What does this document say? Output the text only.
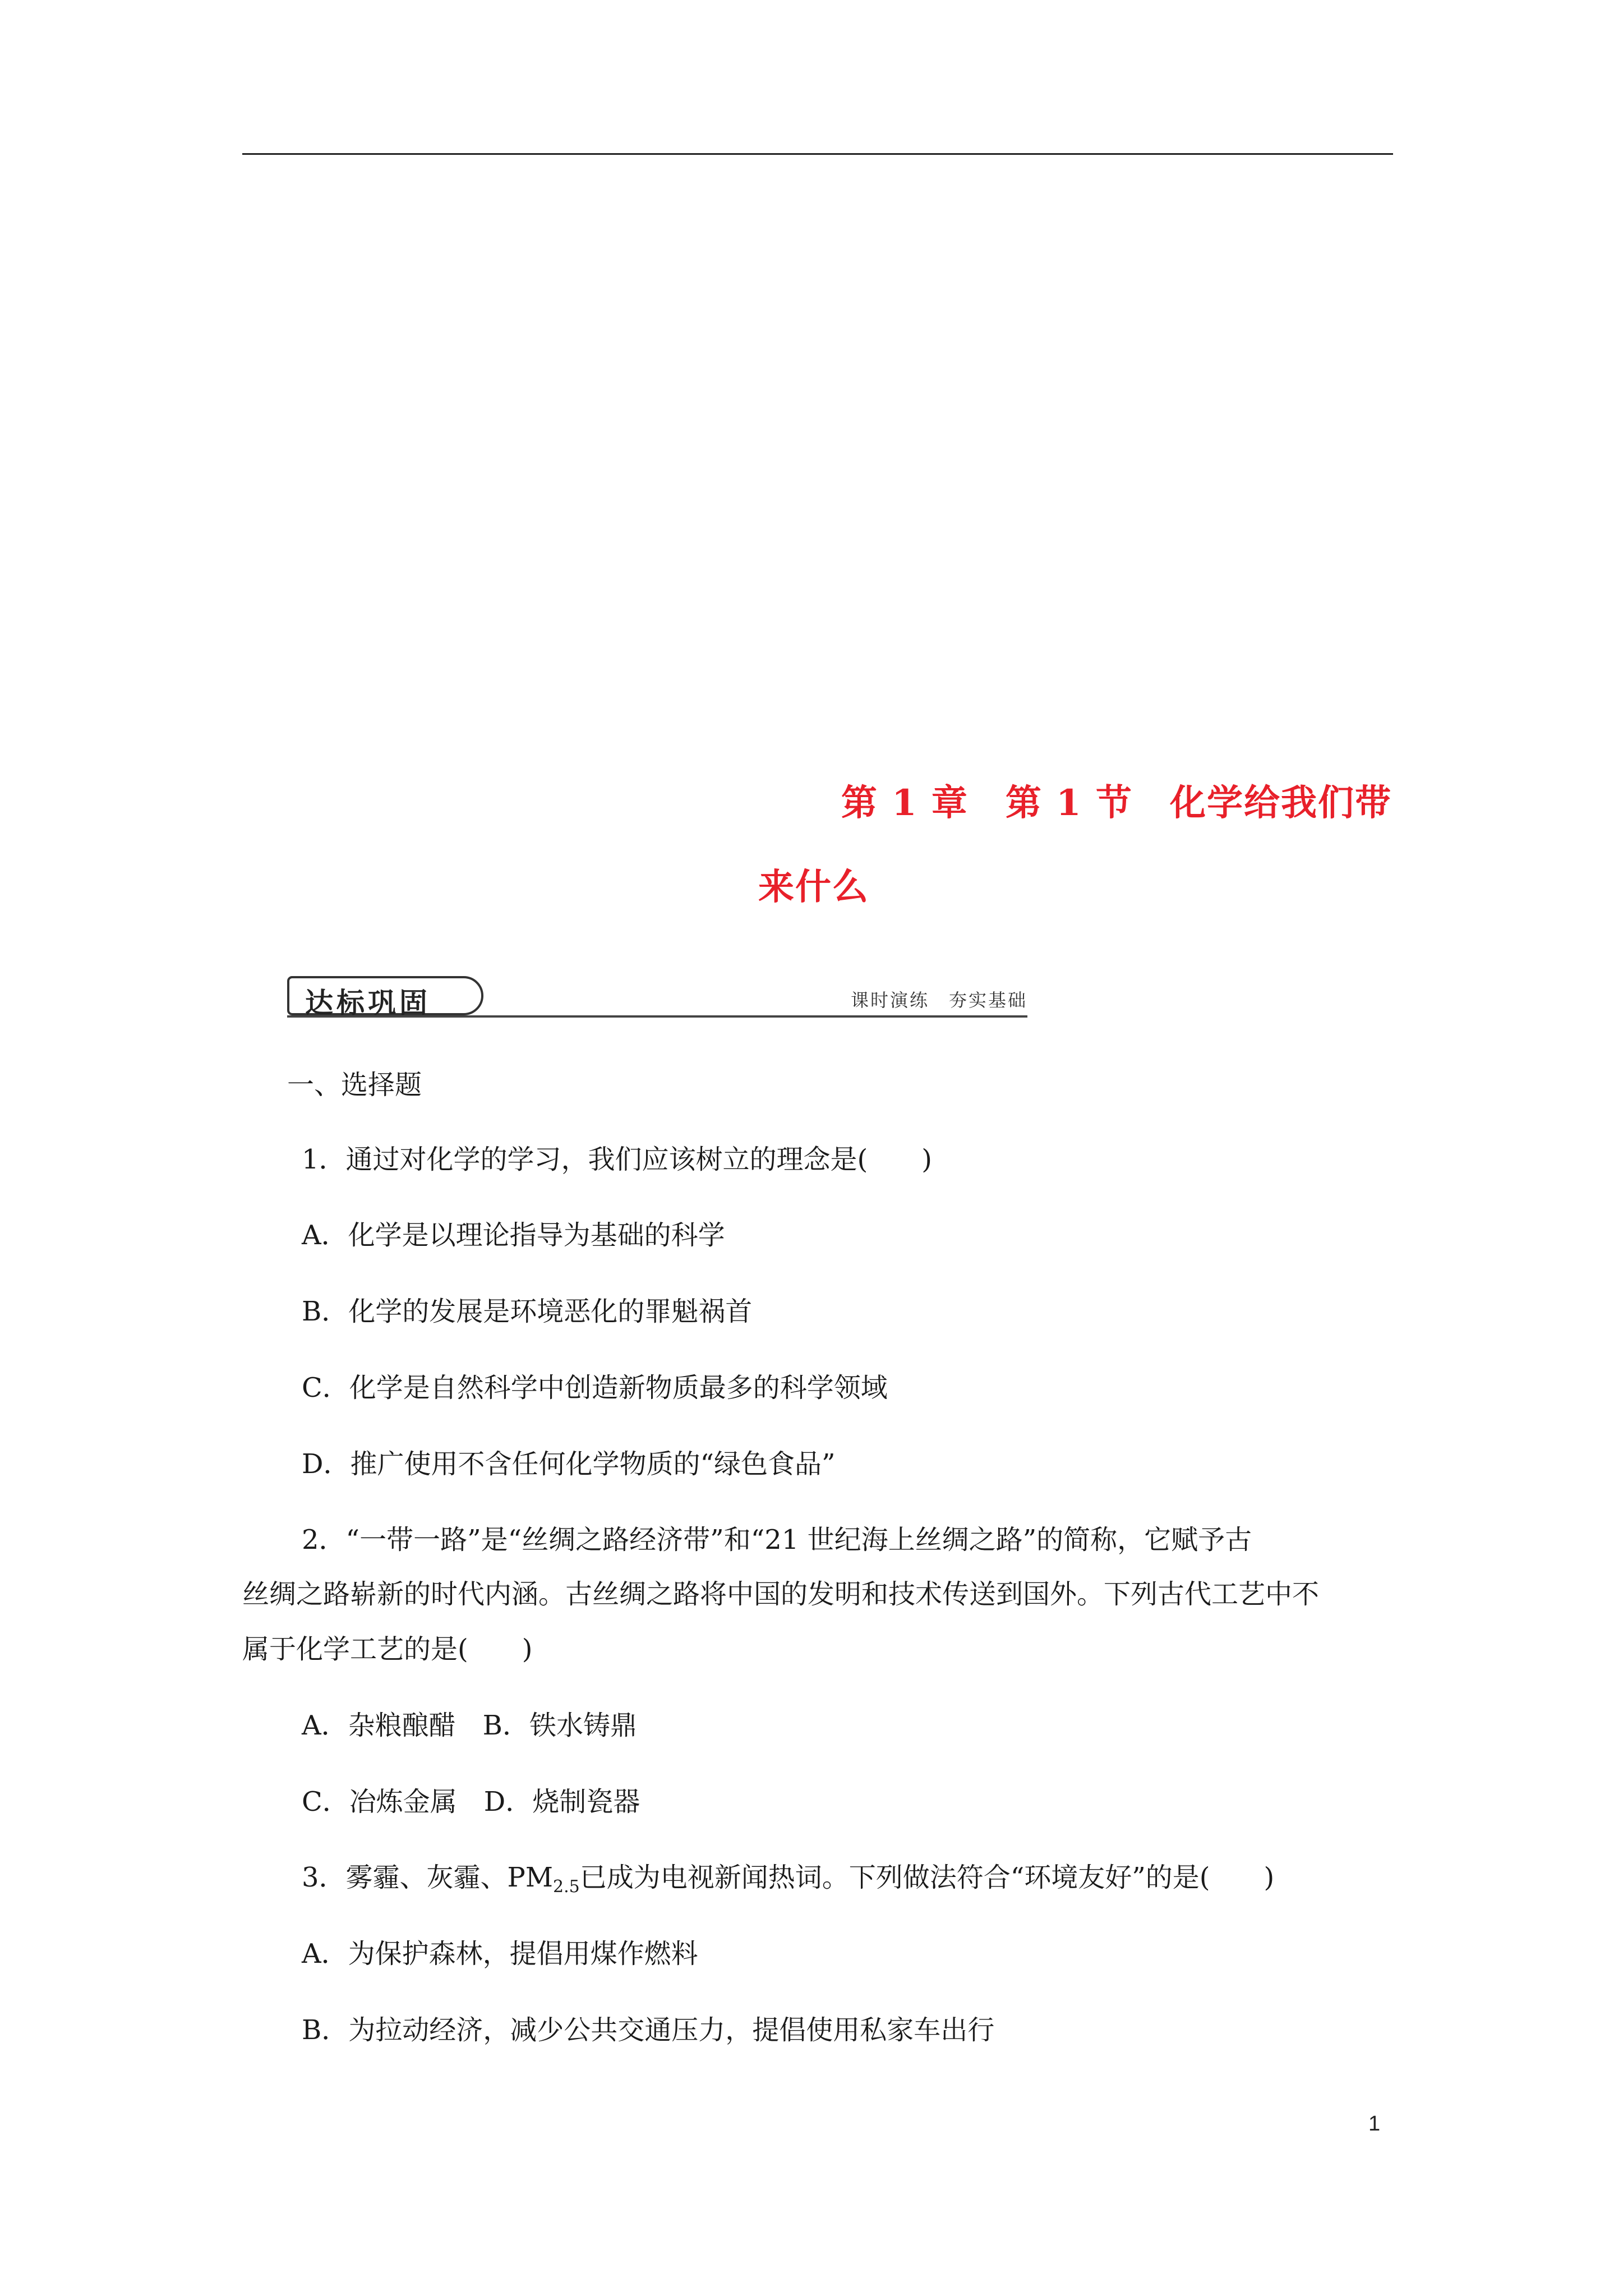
第 1 章　第 1 节　化学给我们带
来什么
达标巩固	课时演练　夯实基础
一、选择题
1．通过对化学的学习，我们应该树立的理念是(　　)
A．化学是以理论指导为基础的科学
B．化学的发展是环境恶化的罪魁祸首
C．化学是自然科学中创造新物质最多的科学领域
D．推广使用不含任何化学物质的“绿色食品”
2．“一带一路”是“丝绸之路经济带”和“21 世纪海上丝绸之路”的简称，它赋予古
丝绸之路崭新的时代内涵。古丝绸之路将中国的发明和技术传送到国外。下列古代工艺中不
属于化学工艺的是(　　)
A．杂粮酿醋　B．铁水铸鼎
C．冶炼金属　D．烧制瓷器
3．雾霾、灰霾、$PM_{2.5}$已成为电视新闻热词。下列做法符合“环境友好”的是(　　)
A．为保护森林，提倡用煤作燃料
B．为拉动经济，减少公共交通压力，提倡使用私家车出行
1
